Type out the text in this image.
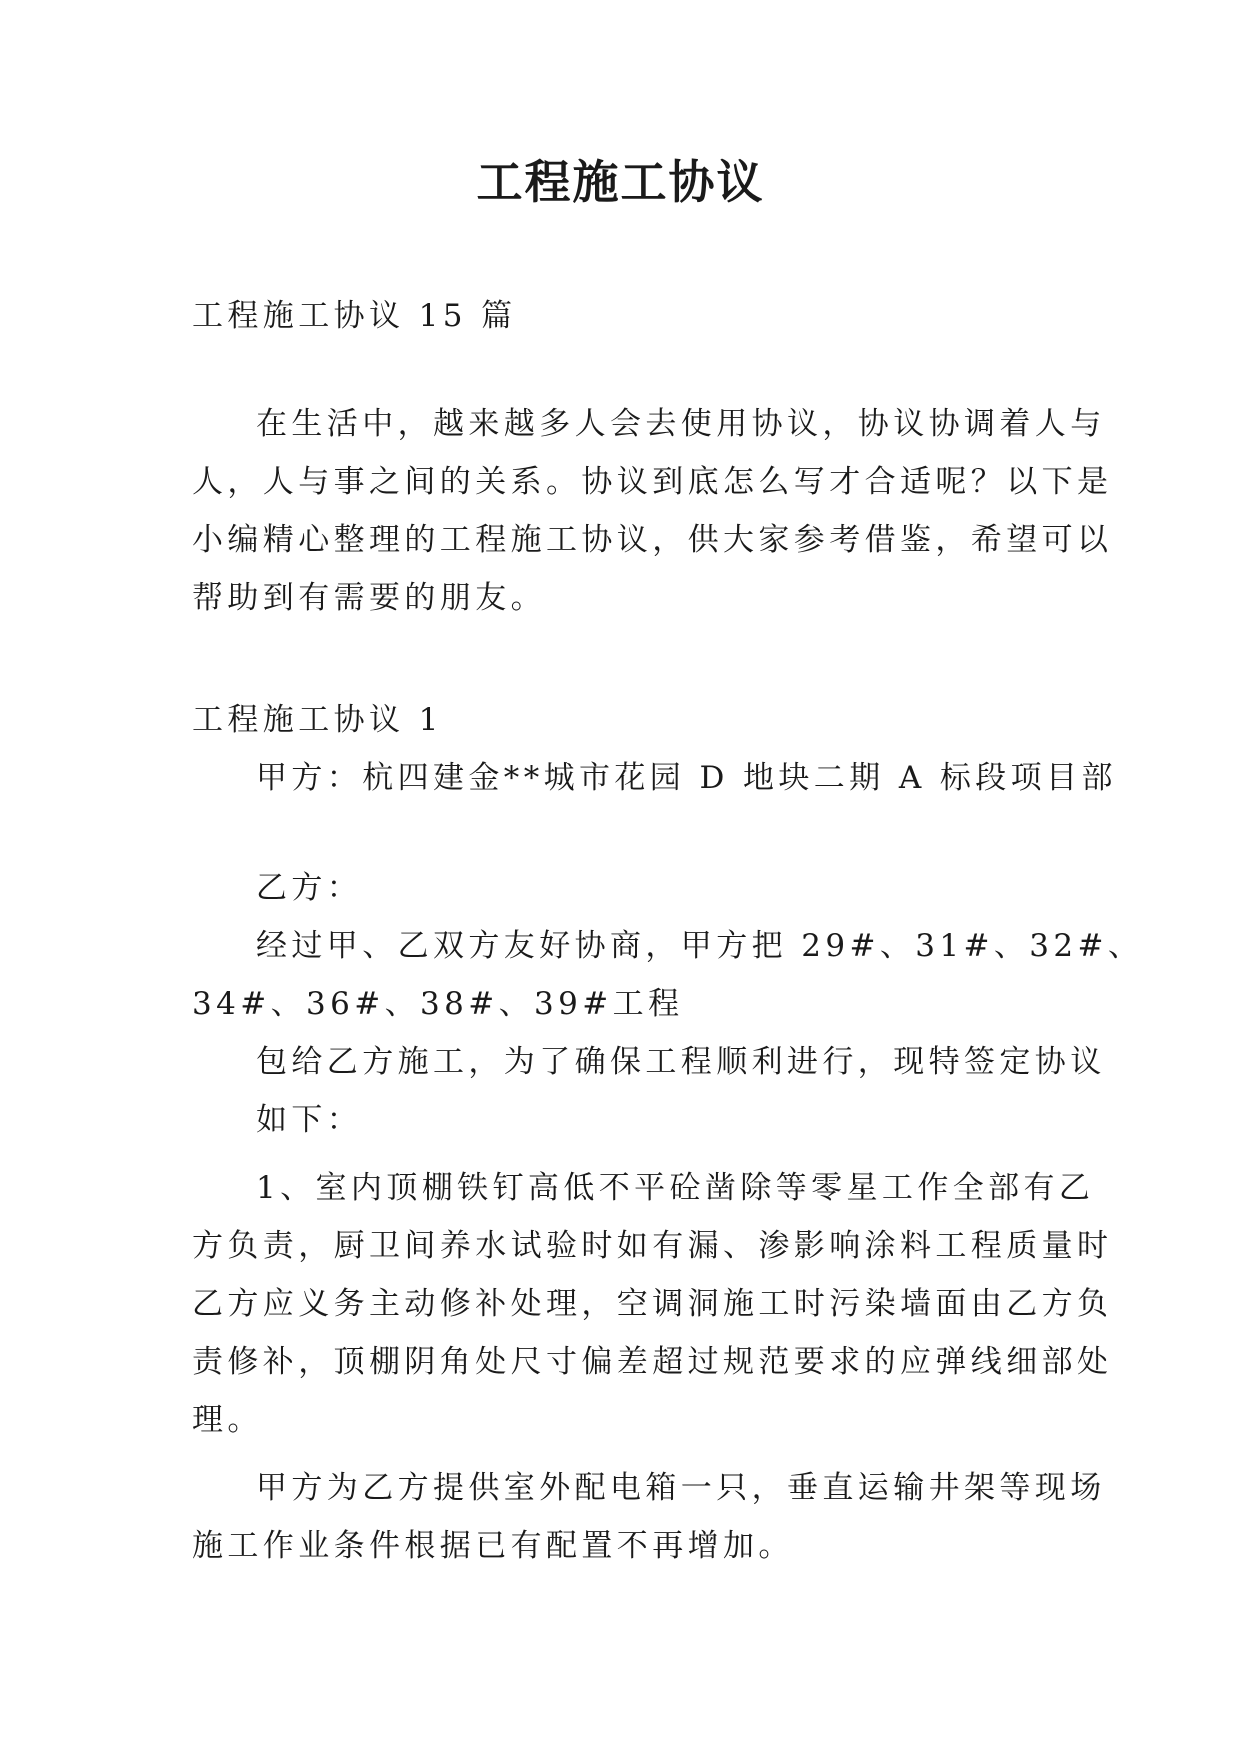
工程施工协议
工程施工协议 15 篇
在生活中，越来越多人会去使用协议，协议协调着人与
人，人与事之间的关系。协议到底怎么写才合适呢？以下是
小编精心整理的工程施工协议，供大家参考借鉴，希望可以
帮助到有需要的朋友。
工程施工协议 1
甲方：杭四建金**城市花园 D 地块二期 A 标段项目部
乙方：
经过甲、乙双方友好协商，甲方把 29#、31#、32#、
34#、36#、38#、39#工程
包给乙方施工，为了确保工程顺利进行，现特签定协议
如下：
1、室内顶棚铁钉高低不平砼凿除等零星工作全部有乙
方负责，厨卫间养水试验时如有漏、渗影响涂料工程质量时
乙方应义务主动修补处理，空调洞施工时污染墙面由乙方负
责修补，顶棚阴角处尺寸偏差超过规范要求的应弹线细部处
理。
甲方为乙方提供室外配电箱一只，垂直运输井架等现场
施工作业条件根据已有配置不再增加。
